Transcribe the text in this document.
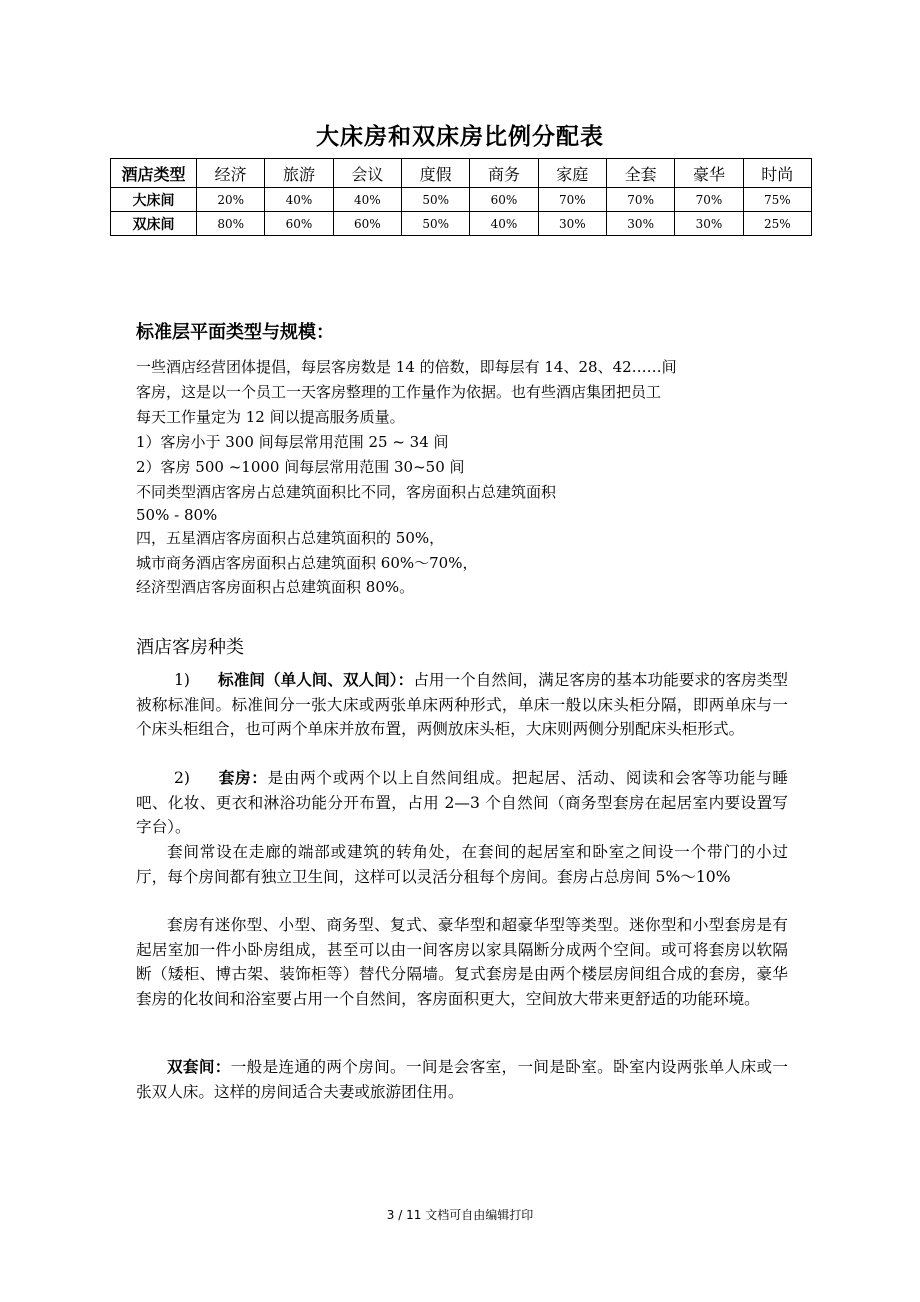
大床房和双床房比例分配表
酒店类型	经济	旅游	会议	度假	商务	家庭	全套	豪华	时尚
大床间	20%	40%	40%	50%	60%	70%	70%	70%	75%
双床间	80%	60%	60%	50%	40%	30%	30%	30%	25%
标准层平面类型与规模：
一些酒店经营团体提倡，每层客房数是 14 的倍数，即每层有 14、28、42……间
客房，这是以一个员工一天客房整理的工作量作为依据。也有些酒店集团把员工
每天工作量定为 12 间以提高服务质量。
1）客房小于 300 间每层常用范围 25 ~ 34 间
2）客房 500 ~1000 间每层常用范围 30~50 间
不同类型酒店客房占总建筑面积比不同，客房面积占总建筑面积
50% - 80%
四，五星酒店客房面积占总建筑面积的 50%，
城市商务酒店客房面积占总建筑面积 60%～70%，
经济型酒店客房面积占总建筑面积 80%。
酒店客房种类
1) 标准间（单人间、双人间）：占用一个自然间，满足客房的基本功能要求的客房类型被称标准间。标准间分一张大床或两张单床两种形式，单床一般以床头柜分隔，即两单床与一个床头柜组合，也可两个单床并放布置，两侧放床头柜，大床则两侧分别配床头柜形式。
2) 套房：是由两个或两个以上自然间组成。把起居、活动、阅读和会客等功能与睡吧、化妆、更衣和淋浴功能分开布置，占用 2—3 个自然间（商务型套房在起居室内要设置写字台）。
套间常设在走廊的端部或建筑的转角处，在套间的起居室和卧室之间设一个带门的小过厅，每个房间都有独立卫生间，这样可以灵活分租每个房间。套房占总房间 5%～10%
套房有迷你型、小型、商务型、复式、豪华型和超豪华型等类型。迷你型和小型套房是有起居室加一件小卧房组成，甚至可以由一间客房以家具隔断分成两个空间。或可将套房以软隔断（矮柜、博古架、装饰柜等）替代分隔墙。复式套房是由两个楼层房间组合成的套房，豪华套房的化妆间和浴室要占用一个自然间，客房面积更大，空间放大带来更舒适的功能环境。
双套间：一般是连通的两个房间。一间是会客室，一间是卧室。卧室内设两张单人床或一张双人床。这样的房间适合夫妻或旅游团住用。
3 / 11 文档可自由编辑打印
